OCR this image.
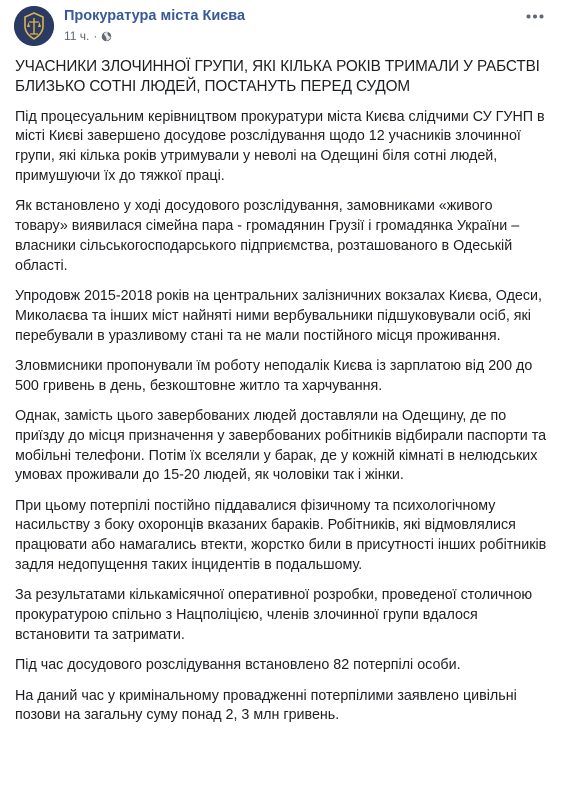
Прокуратура міста Києва
11 ч. ·

УЧАСНИКИ ЗЛОЧИННОЇ ГРУПИ, ЯКІ КІЛЬКА РОКІВ ТРИМАЛИ У РАБСТВІ БЛИЗЬКО СОТНІ ЛЮДЕЙ, ПОСТАНУТЬ ПЕРЕД СУДОМ

Під процесуальним керівництвом прокуратури міста Києва слідчими СУ ГУНП в місті Києві завершено досудове розслідування щодо 12 учасників злочинної групи, які кілька років утримували у неволі на Одещині біля сотні людей, примушуючи їх до тяжкої праці.

Як встановлено у ході досудового розслідування, замовниками «живого товару» виявилася сімейна пара - громадянин Грузії і громадянка України – власники сільськогосподарського підприємства, розташованого в Одеській області.

Упродовж 2015-2018 років на центральних залізничних вокзалах Києва, Одеси, Миколаєва та інших міст найняті ними вербувальники підшуковували осіб, які перебували в уразливому стані та не мали постійного місця проживання.

Зловмисники пропонували їм роботу неподалік Києва із зарплатою від 200 до 500 гривень в день, безкоштовне житло та харчування.

Однак, замість цього завербованих людей доставляли на Одещину, де по приїзду до місця призначення у завербованих робітників відбирали паспорти та мобільні телефони. Потім їх вселяли у барак, де у кожній кімнаті в нелюдських умовах проживали до 15-20 людей, як чоловіки так і жінки.

При цьому потерпілі постійно піддавалися фізичному та психологічному насильству з боку охоронців вказаних бараків. Робітників, які відмовлялися працювати або намагались втекти, жорстко били в присутності інших робітників задля недопущення таких інцидентів в подальшому.

За результатами кількамісячної оперативної розробки, проведеної столичною прокуратурою спільно з Нацполіцією, членів злочинної групи вдалося встановити та затримати.

Під час досудового розслідування встановлено 82 потерпілі особи.

На даний час у кримінальному провадженні потерпілими заявлено цивільні позови на загальну суму понад 2, 3 млн гривень.
